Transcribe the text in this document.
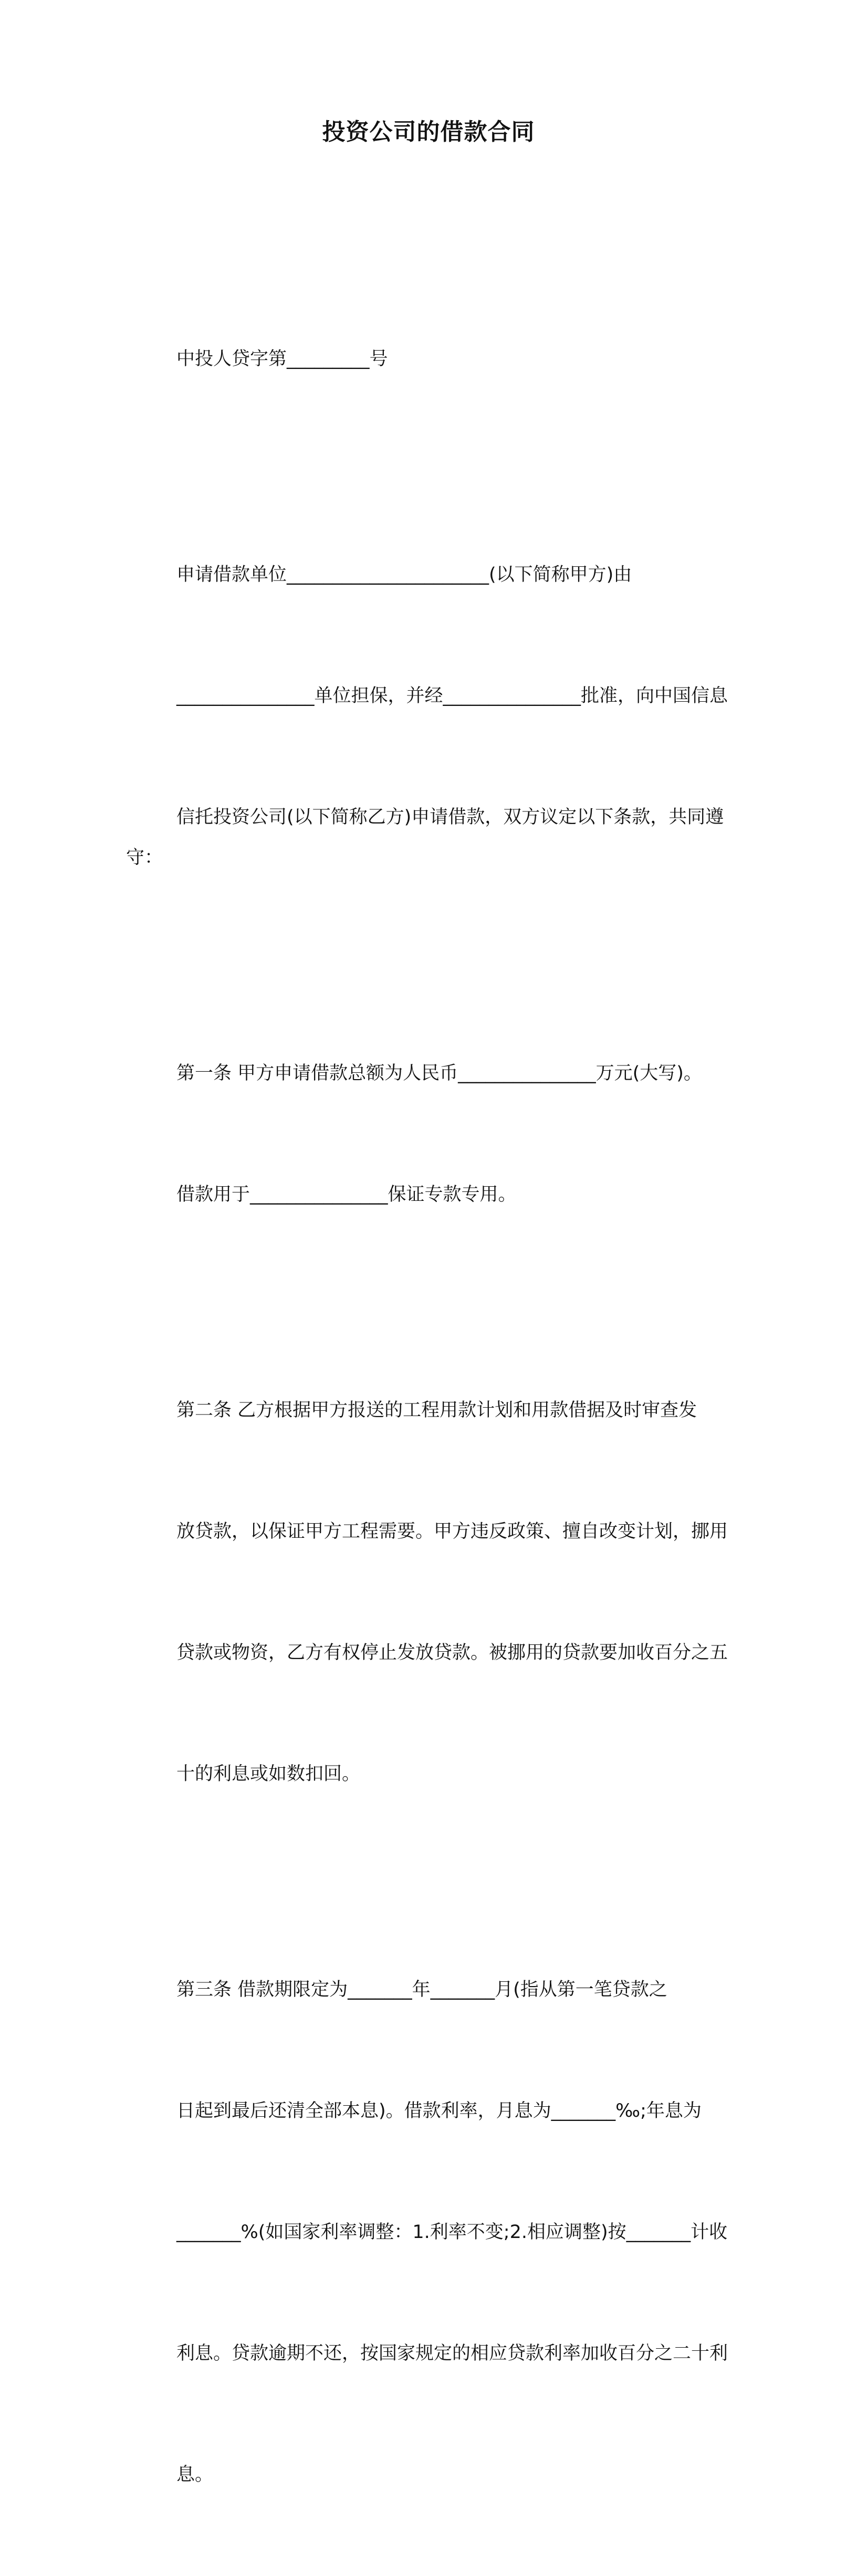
投资公司的借款合同

中投人贷字第_________号

申请借款单位______________________(以下简称甲方)由

_______________单位担保，并经_______________批准，向中国信息

信托投资公司(以下简称乙方)申请借款，双方议定以下条款，共同遵守：

第一条 甲方申请借款总额为人民币_______________万元(大写)。

借款用于_______________保证专款专用。

第二条 乙方根据甲方报送的工程用款计划和用款借据及时审查发

放贷款，以保证甲方工程需要。甲方违反政策、擅自改变计划，挪用

贷款或物资，乙方有权停止发放贷款。被挪用的贷款要加收百分之五

十的利息或如数扣回。

第三条 借款期限定为_______年_______月(指从第一笔贷款之

日起到最后还清全部本息)。借款利率，月息为_______‰;年息为

_______%(如国家利率调整：1.利率不变;2.相应调整)按_______计收

利息。贷款逾期不还，按国家规定的相应贷款利率加收百分之二十利

息。
